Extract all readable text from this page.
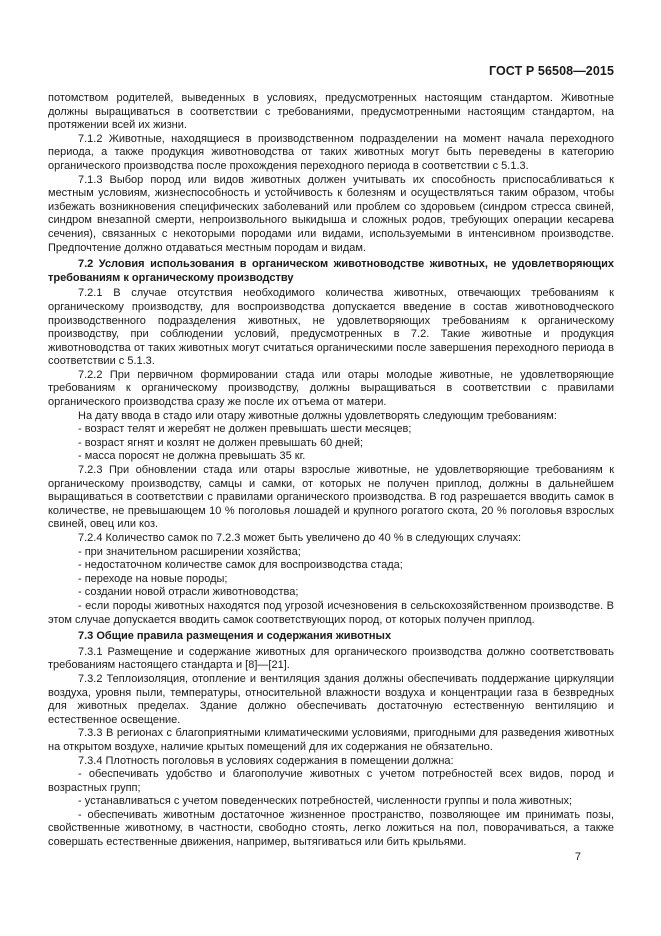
ГОСТ Р 56508—2015

потомством родителей, выведенных в условиях, предусмотренных настоящим стандартом. Животные должны выращиваться в соответствии с требованиями, предусмотренными настоящим стандартом, на протяжении всей их жизни.

7.1.2 Животные, находящиеся в производственном подразделении на момент начала переходного периода, а также продукция животноводства от таких животных могут быть переведены в категорию органического производства после прохождения переходного периода в соответствии с 5.1.3.

7.1.3 Выбор пород или видов животных должен учитывать их способность приспосабливаться к местным условиям, жизнеспособность и устойчивость к болезням и осуществляться таким образом, чтобы избежать возникновения специфических заболеваний или проблем со здоровьем (синдром стресса свиней, синдром внезапной смерти, непроизвольного выкидыша и сложных родов, требующих операции кесарева сечения), связанных с некоторыми породами или видами, используемыми в интенсивном производстве. Предпочтение должно отдаваться местным породам и видам.

7.2 Условия использования в органическом животноводстве животных, не удовлетворяющих требованиям к органическому производству

7.2.1 В случае отсутствия необходимого количества животных, отвечающих требованиям к органическому производству, для воспроизводства допускается введение в состав животноводческого производственного подразделения животных, не удовлетворяющих требованиям к органическому производству, при соблюдении условий, предусмотренных в 7.2. Такие животные и продукция животноводства от таких животных могут считаться органическими после завершения переходного периода в соответствии с 5.1.3.

7.2.2 При первичном формировании стада или отары молодые животные, не удовлетворяющие требованиям к органическому производству, должны выращиваться в соответствии с правилами органического производства сразу же после их отъема от матери.

На дату ввода в стадо или отару животные должны удовлетворять следующим требованиям:

- возраст телят и жеребят не должен превышать шести месяцев;

- возраст ягнят и козлят не должен превышать 60 дней;

- масса поросят не должна превышать 35 кг.

7.2.3 При обновлении стада или отары взрослые животные, не удовлетворяющие требованиям к органическому производству, самцы и самки, от которых не получен приплод, должны в дальнейшем выращиваться в соответствии с правилами органического производства. В год разрешается вводить самок в количестве, не превышающем 10 % поголовья лошадей и крупного рогатого скота, 20 % поголовья взрослых свиней, овец или коз.

7.2.4 Количество самок по 7.2.3 может быть увеличено до 40 % в следующих случаях:

- при значительном расширении хозяйства;

- недостаточном количестве самок для воспроизводства стада;

- переходе на новые породы;

- создании новой отрасли животноводства;

- если породы животных находятся под угрозой исчезновения в сельскохозяйственном производстве. В этом случае допускается вводить самок соответствующих пород, от которых получен приплод.

7.3 Общие правила размещения и содержания животных

7.3.1 Размещение и содержание животных для органического производства должно соответствовать требованиям настоящего стандарта и [8]—[21].

7.3.2 Теплоизоляция, отопление и вентиляция здания должны обеспечивать поддержание циркуляции воздуха, уровня пыли, температуры, относительной влажности воздуха и концентрации газа в безвредных для животных пределах. Здание должно обеспечивать достаточную естественную вентиляцию и естественное освещение.

7.3.3 В регионах с благоприятными климатическими условиями, пригодными для разведения животных на открытом воздухе, наличие крытых помещений для их содержания не обязательно.

7.3.4 Плотность поголовья в условиях содержания в помещении должна:

- обеспечивать удобство и благополучие животных с учетом потребностей всех видов, пород и возрастных групп;

- устанавливаться с учетом поведенческих потребностей, численности группы и пола животных;

- обеспечивать животным достаточное жизненное пространство, позволяющее им принимать позы, свойственные животному, в частности, свободно стоять, легко ложиться на пол, поворачиваться, а также совершать естественные движения, например, вытягиваться или бить крыльями.

7
